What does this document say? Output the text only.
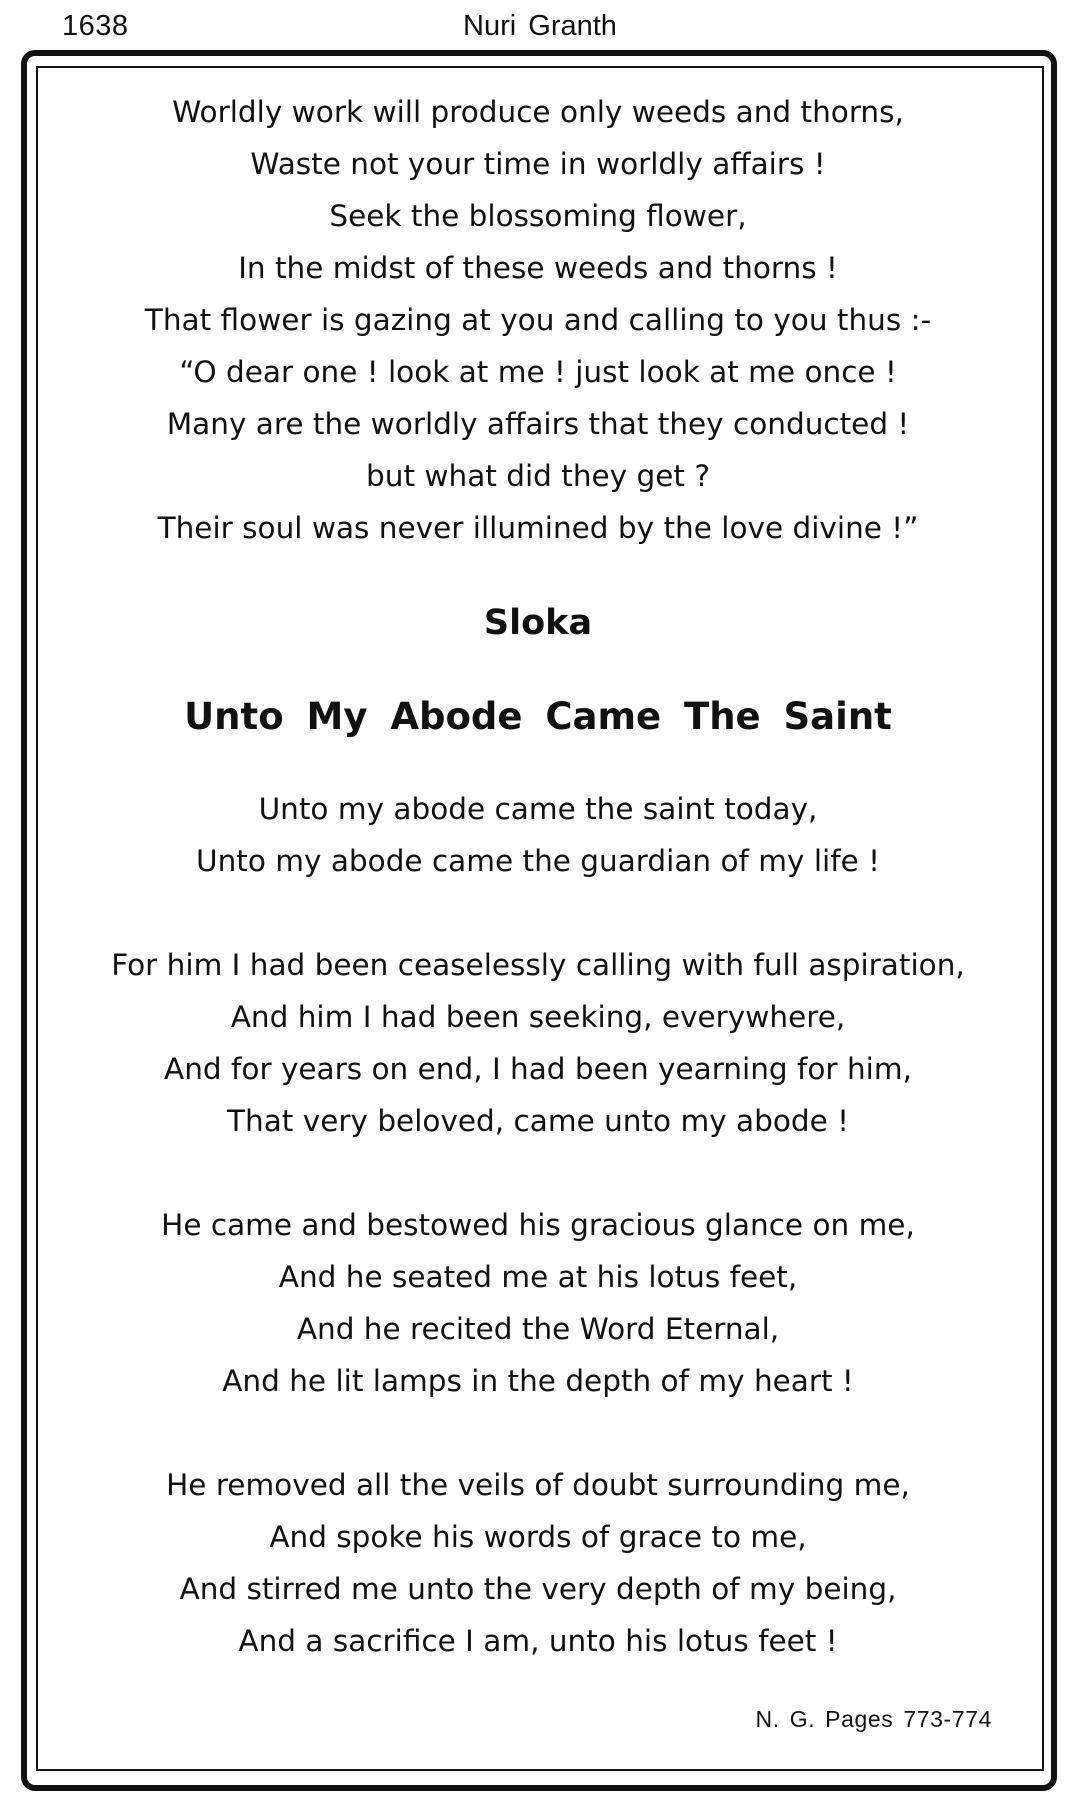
1638	Nuri Granth
Worldly work will produce only weeds and thorns,
Waste not your time in worldly affairs !
Seek the blossoming flower,
In the midst of these weeds and thorns !
That flower is gazing at you and calling to you thus :-
“O dear one ! look at me ! just look at me once !
Many are the worldly affairs that they conducted !
but what did they get ?
Their soul was never illumined by the love divine !”
Sloka
Unto My Abode Came The Saint
Unto my abode came the saint today,
Unto my abode came the guardian of my life !
For him I had been ceaselessly calling with full aspiration,
And him I had been seeking, everywhere,
And for years on end, I had been yearning for him,
That very beloved, came unto my abode !
He came and bestowed his gracious glance on me,
And he seated me at his lotus feet,
And he recited the Word Eternal,
And he lit lamps in the depth of my heart !
He removed all the veils of doubt surrounding me,
And spoke his words of grace to me,
And stirred me unto the very depth of my being,
And a sacrifice I am, unto his lotus feet !
N. G. Pages 773-774
